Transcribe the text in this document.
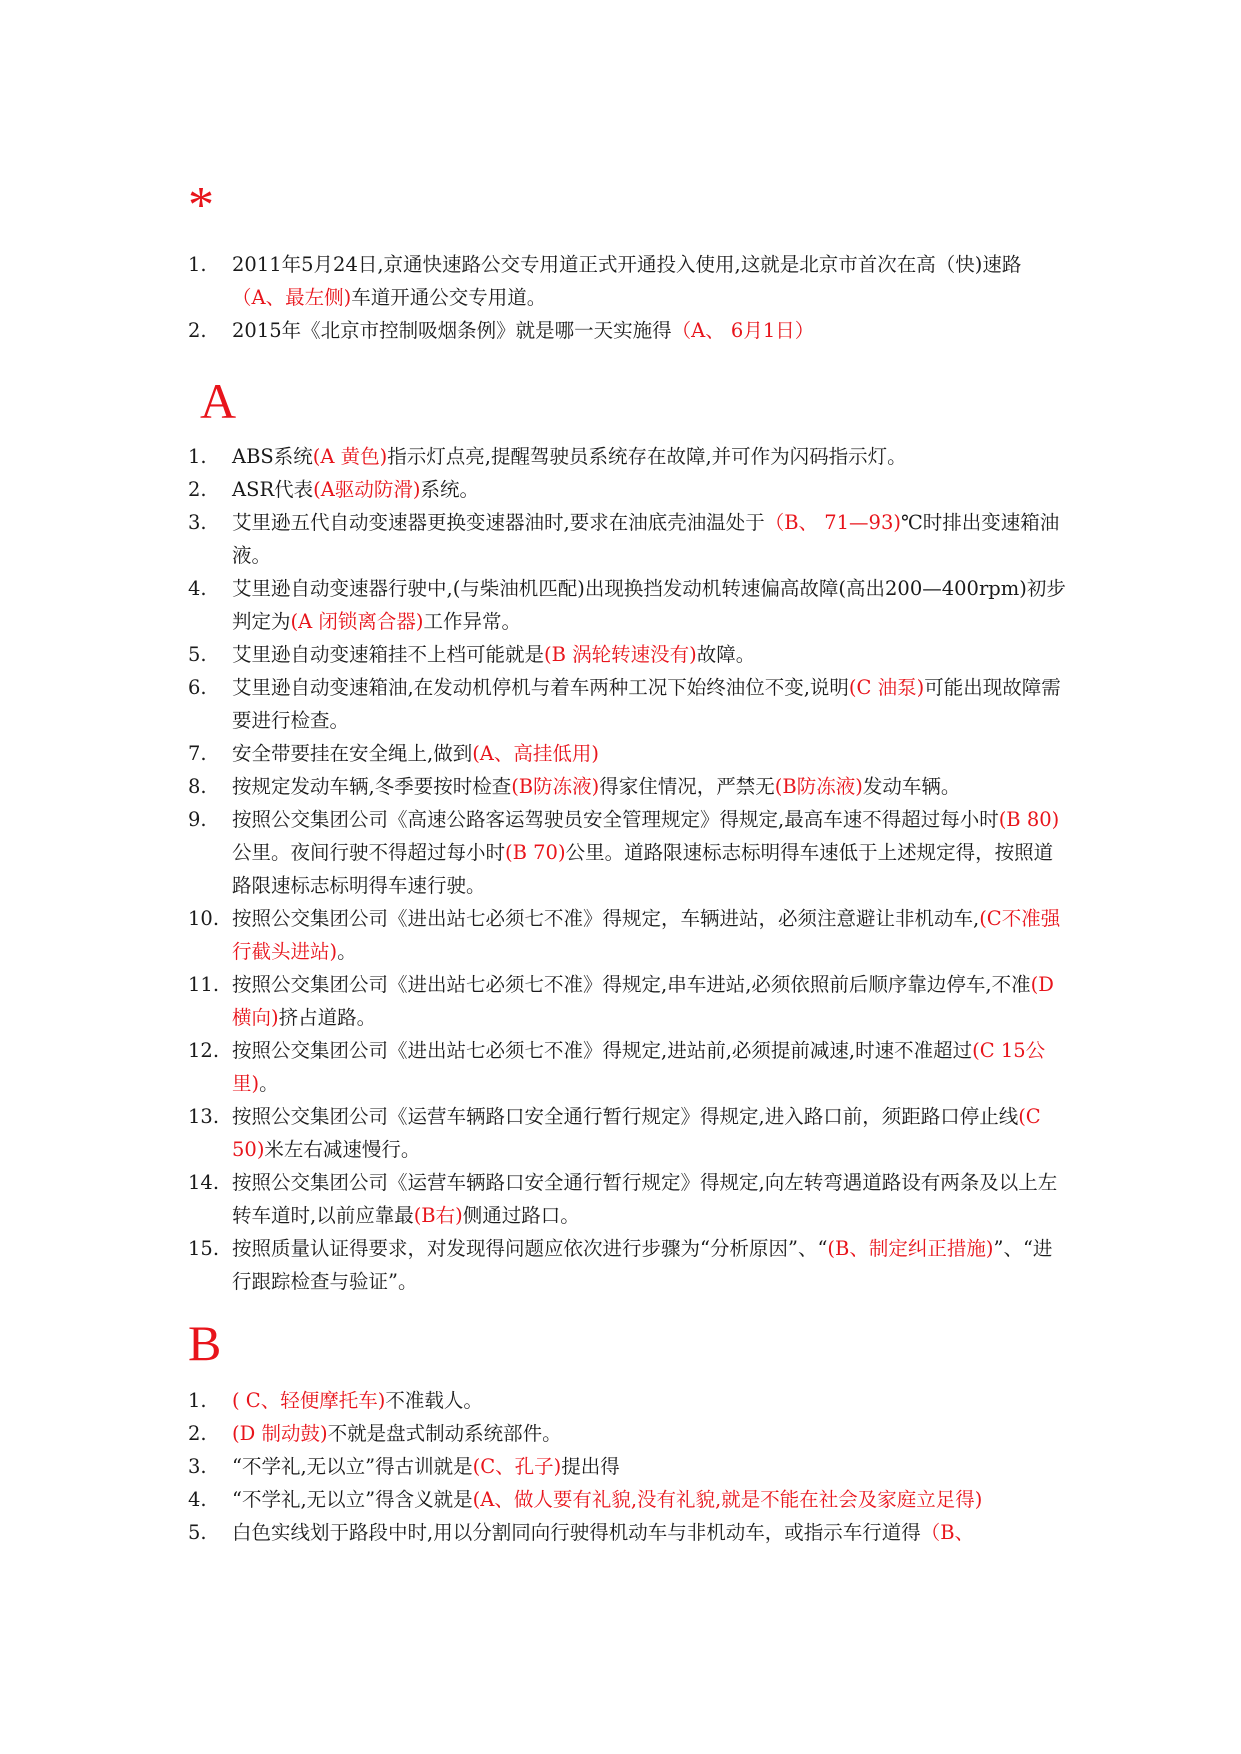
*
1.	2011年5月24日,京通快速路公交专用道正式开通投入使用,这就是北京市首次在高（快)速路（A、最左侧)车道开通公交专用道。
2.	2015年《北京市控制吸烟条例》就是哪一天实施得（A、 6月1日）
A
1.	ABS系统(A 黄色)指示灯点亮,提醒驾驶员系统存在故障,并可作为闪码指示灯。
2.	ASR代表(A驱动防滑)系统。
3.	艾里逊五代自动变速器更换变速器油时,要求在油底壳油温处于（B、 71—93)℃时排出变速箱油液。
4.	艾里逊自动变速器行驶中,(与柴油机匹配)出现换挡发动机转速偏高故障(高出200—400rpm)初步判定为(A 闭锁离合器)工作异常。
5.	艾里逊自动变速箱挂不上档可能就是(B 涡轮转速没有)故障。
6.	艾里逊自动变速箱油,在发动机停机与着车两种工况下始终油位不变,说明(C 油泵)可能出现故障需要进行检查。
7.	安全带要挂在安全绳上,做到(A、高挂低用)
8.	按规定发动车辆,冬季要按时检查(B防冻液)得家住情况，严禁无(B防冻液)发动车辆。
9.	按照公交集团公司《高速公路客运驾驶员安全管理规定》得规定,最高车速不得超过每小时(B 80)公里。夜间行驶不得超过每小时(B 70)公里。道路限速标志标明得车速低于上述规定得，按照道路限速标志标明得车速行驶。
10. 按照公交集团公司《进出站七必须七不准》得规定，车辆进站，必须注意避让非机动车,(C不准强行截头进站)。
11. 按照公交集团公司《进出站七必须七不准》得规定,串车进站,必须依照前后顺序靠边停车,不准(D横向)挤占道路。
12. 按照公交集团公司《进出站七必须七不准》得规定,进站前,必须提前减速,时速不准超过(C 15公里)。
13. 按照公交集团公司《运营车辆路口安全通行暂行规定》得规定,进入路口前，须距路口停止线(C 50)米左右减速慢行。
14. 按照公交集团公司《运营车辆路口安全通行暂行规定》得规定,向左转弯遇道路设有两条及以上左转车道时,以前应靠最(B右)侧通过路口。
15. 按照质量认证得要求，对发现得问题应依次进行步骤为“分析原因”、“(B、制定纠正措施)”、“进行跟踪检查与验证”。
B
1.	( C、轻便摩托车)不准载人。
2.	(D 制动鼓)不就是盘式制动系统部件。
3.	“不学礼,无以立”得古训就是(C、孔子)提出得
4.	“不学礼,无以立”得含义就是(A、做人要有礼貌,没有礼貌,就是不能在社会及家庭立足得)
5.	白色实线划于路段中时,用以分割同向行驶得机动车与非机动车，或指示车行道得（B、
